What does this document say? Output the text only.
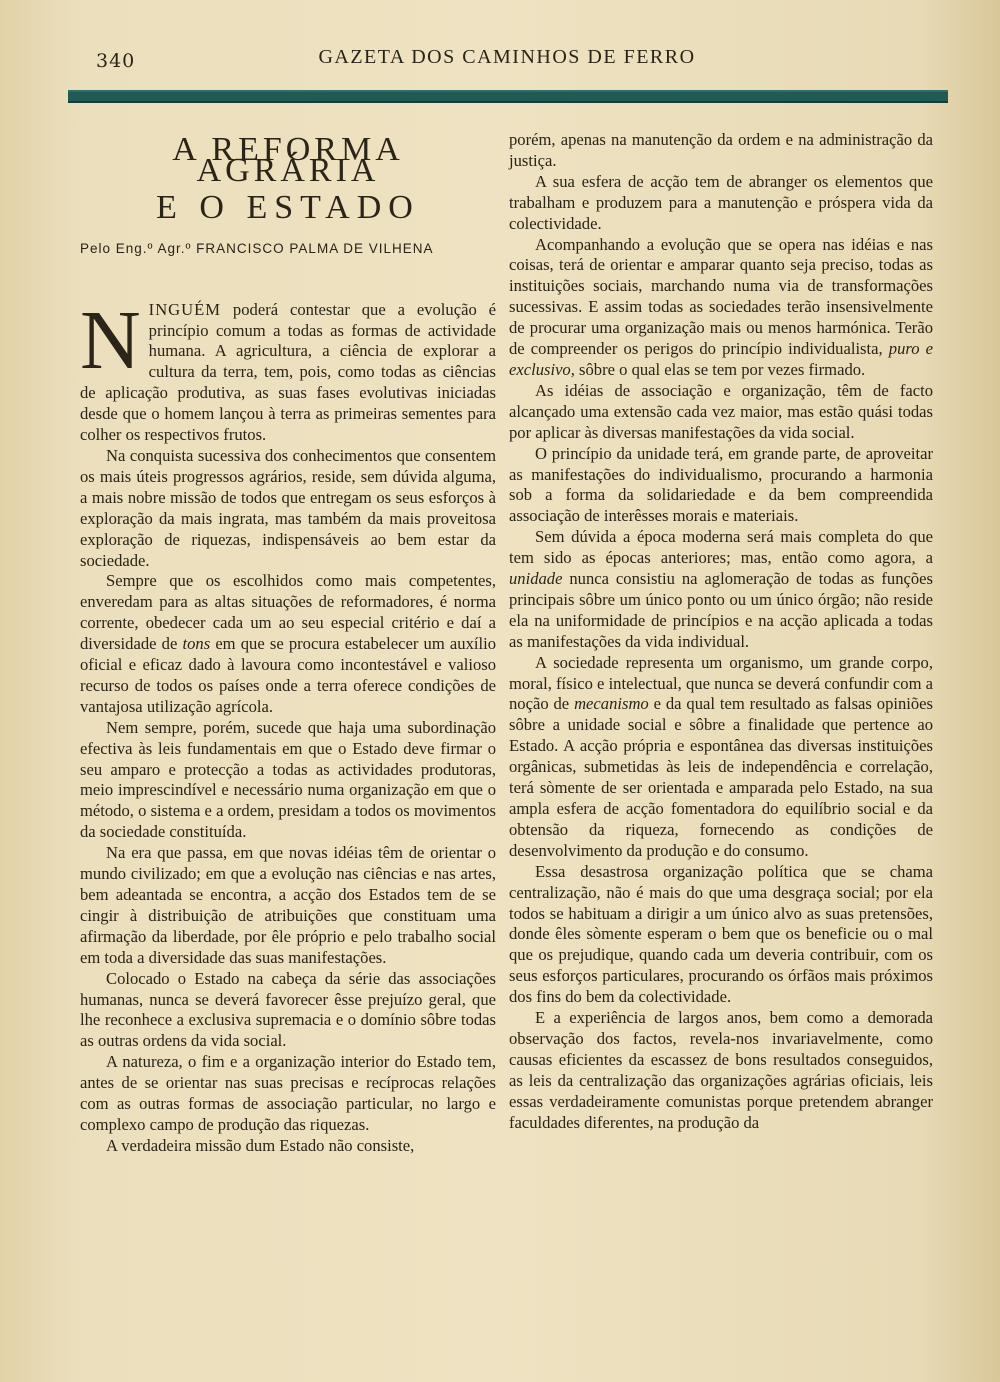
340	GAZETA DOS CAMINHOS DE FERRO
A REFORMA AGRÁRIA
E O ESTADO
Pelo Eng.º Agr.º FRANCISCO PALMA DE VILHENA

NINGUÉM poderá contestar que a evolução é princípio comum a todas as formas de actividade humana. A agricultura, a ciência de explorar a cultura da terra, tem, pois, como todas as ciências de aplicação produtiva, as suas fases evolutivas iniciadas desde que o homem lançou à terra as primeiras sementes para colher os respectivos frutos.

Na conquista sucessiva dos conhecimentos que consentem os mais úteis progressos agrários, reside, sem dúvida alguma, a mais nobre missão de todos que entregam os seus esforços à exploração da mais ingrata, mas também da mais proveitosa exploração de riquezas, indispensáveis ao bem estar da sociedade.

Sempre que os escolhidos como mais competentes, enveredam para as altas situações de reformadores, é norma corrente, obedecer cada um ao seu especial critério e daí a diversidade de tons em que se procura estabelecer um auxílio oficial e eficaz dado à lavoura como incontestável e valioso recurso de todos os países onde a terra oferece condições de vantajosa utilização agrícola.

Nem sempre, porém, sucede que haja uma subordinação efectiva às leis fundamentais em que o Estado deve firmar o seu amparo e protecção a todas as actividades produtoras, meio imprescindível e necessário numa organização em que o método, o sistema e a ordem, presidam a todos os movimentos da sociedade constituída.

Na era que passa, em que novas idéias têm de orientar o mundo civilizado; em que a evolução nas ciências e nas artes, bem adeantada se encontra, a acção dos Estados tem de se cingir à distribuição de atribuições que constituam uma afirmação da liberdade, por êle próprio e pelo trabalho social em toda a diversidade das suas manifestações.

Colocado o Estado na cabeça da série das associações humanas, nunca se deverá favorecer êsse prejuízo geral, que lhe reconhece a exclusiva supremacia e o domínio sôbre todas as outras ordens da vida social.

A natureza, o fim e a organização interior do Estado tem, antes de se orientar nas suas precisas e recíprocas relações com as outras formas de associação particular, no largo e complexo campo de produção das riquezas.

A verdadeira missão dum Estado não consiste,

porém, apenas na manutenção da ordem e na administração da justiça.

A sua esfera de acção tem de abranger os elementos que trabalham e produzem para a manutenção e próspera vida da colectividade.

Acompanhando a evolução que se opera nas idéias e nas coisas, terá de orientar e amparar quanto seja preciso, todas as instituições sociais, marchando numa via de transformações sucessivas. E assim todas as sociedades terão insensivelmente de procurar uma organização mais ou menos harmónica. Terão de compreender os perigos do princípio individualista, puro e exclusivo, sôbre o qual elas se tem por vezes firmado.

As idéias de associação e organização, têm de facto alcançado uma extensão cada vez maior, mas estão quási todas por aplicar às diversas manifestações da vida social.

O princípio da unidade terá, em grande parte, de aproveitar as manifestações do individualismo, procurando a harmonia sob a forma da solidariedade e da bem compreendida associação de interêsses morais e materiais.

Sem dúvida a época moderna será mais completa do que tem sido as épocas anteriores; mas, então como agora, a unidade nunca consistiu na aglomeração de todas as funções principais sôbre um único ponto ou um único órgão; não reside ela na uniformidade de princípios e na acção aplicada a todas as manifestações da vida individual.

A sociedade representa um organismo, um grande corpo, moral, físico e intelectual, que nunca se deverá confundir com a noção de mecanismo e da qual tem resultado as falsas opiniões sôbre a unidade social e sôbre a finalidade que pertence ao Estado. A acção própria e espontânea das diversas instituições orgânicas, submetidas às leis de independência e correlação, terá sòmente de ser orientada e amparada pelo Estado, na sua ampla esfera de acção fomentadora do equilíbrio social e da obtensão da riqueza, fornecendo as condições de desenvolvimento da produção e do consumo.

Essa desastrosa organização política que se chama centralização, não é mais do que uma desgraça social; por ela todos se habituam a dirigir a um único alvo as suas pretensões, donde êles sòmente esperam o bem que os beneficie ou o mal que os prejudique, quando cada um deveria contribuir, com os seus esforços particulares, procurando os órfãos mais próximos dos fins do bem da colectividade.

E a experiência de largos anos, bem como a demorada observação dos factos, revela-nos invariavelmente, como causas eficientes da escassez de bons resultados conseguidos, as leis da centralização das organizações agrárias oficiais, leis essas verdadeiramente comunistas porque pretendem abranger faculdades diferentes, na produção da
